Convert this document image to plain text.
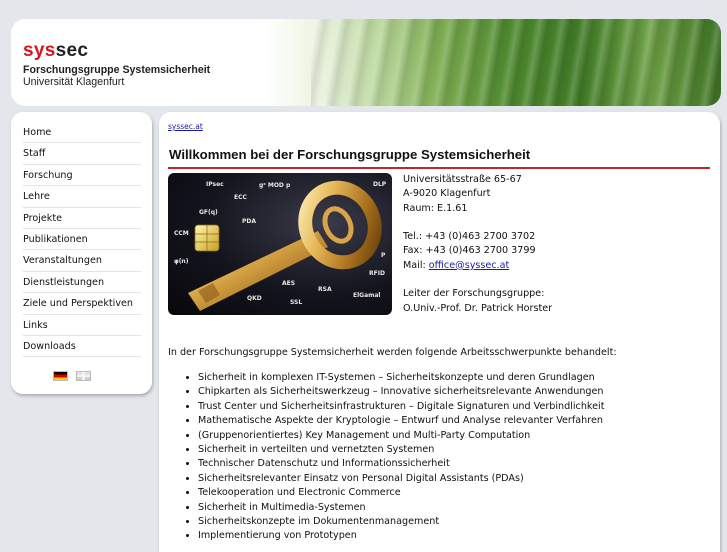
syssec
Forschungsgruppe Systemsicherheit
Universität Klagenfurt
Home
Staff
Forschung
Lehre
Projekte
Publikationen
Veranstaltungen
Dienstleistungen
Ziele und Perspektiven
Links
Downloads
syssec.at
Willkommen bei der Forschungsgruppe Systemsicherheit
IPsec	gˣ MOD p	DLP
ECC
GF(q)
PDA
CCM
φ(n)
P
RFID
AES
RSA
ElGamal
QKD
SSL
Universitätsstraße 65-67
A-9020 Klagenfurt
Raum: E.1.61
Tel.: +43 (0)463 2700 3702
Fax: +43 (0)463 2700 3799
Mail: office@syssec.at
Leiter der Forschungsgruppe:
O.Univ.-Prof. Dr. Patrick Horster
In der Forschungsgruppe Systemsicherheit werden folgende Arbeitsschwerpunkte behandelt:
• Sicherheit in komplexen IT-Systemen – Sicherheitskonzepte und deren Grundlagen
• Chipkarten als Sicherheitswerkzeug – Innovative sicherheitsrelevante Anwendungen
• Trust Center und Sicherheitsinfrastrukturen – Digitale Signaturen und Verbindlichkeit
• Mathematische Aspekte der Kryptologie – Entwurf und Analyse relevanter Verfahren
• (Gruppenorientiertes) Key Management und Multi-Party Computation
• Sicherheit in verteilten und vernetzten Systemen
• Technischer Datenschutz und Informationssicherheit
• Sicherheitsrelevanter Einsatz von Personal Digital Assistants (PDAs)
• Telekooperation und Electronic Commerce
• Sicherheit in Multimedia-Systemen
• Sicherheitskonzepte im Dokumentenmanagement
• Implementierung von Prototypen
